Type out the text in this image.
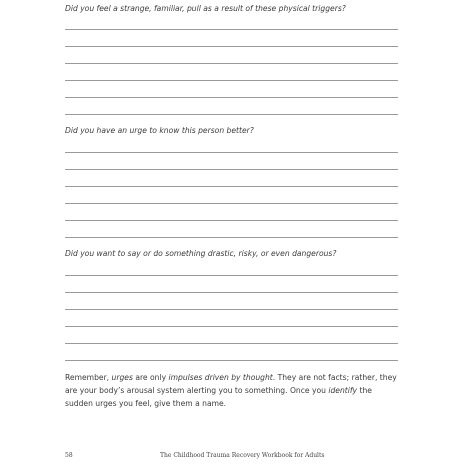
Did you feel a strange, familiar, pull as a result of these physical triggers?
Did you have an urge to know this person better?
Did you want to say or do something drastic, risky, or even dangerous?
Remember, urges are only impulses driven by thought. They are not facts; rather, they are your body’s arousal system alerting you to something. Once you identify the sudden urges you feel, give them a name.
58	The Childhood Trauma Recovery Workbook for Adults
